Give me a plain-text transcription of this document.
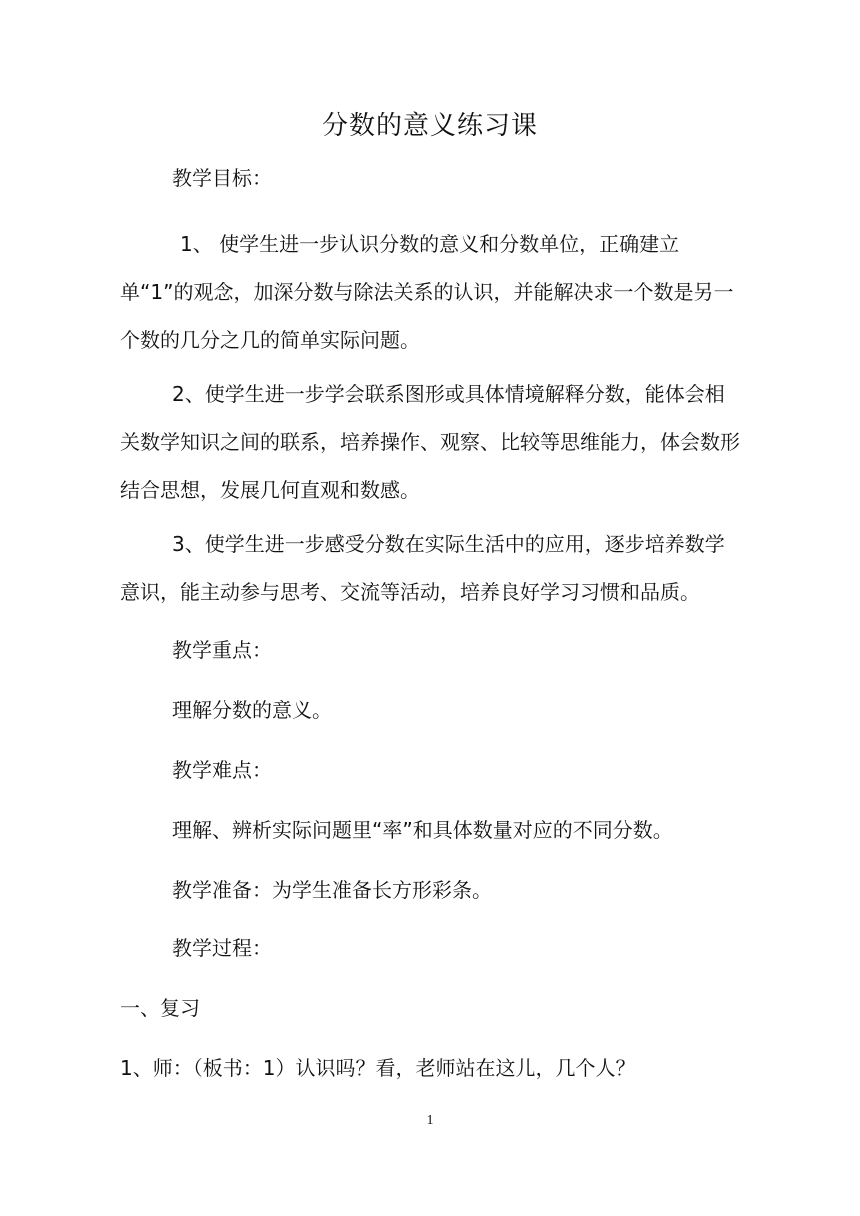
分数的意义练习课

教学目标：

1、 使学生进一步认识分数的意义和分数单位，正确建立单“1”的观念，加深分数与除法关系的认识，并能解决求一个数是另一个数的几分之几的简单实际问题。

2、使学生进一步学会联系图形或具体情境解释分数，能体会相关数学知识之间的联系，培养操作、观察、比较等思维能力，体会数形结合思想，发展几何直观和数感。

3、使学生进一步感受分数在实际生活中的应用，逐步培养数学意识，能主动参与思考、交流等活动，培养良好学习习惯和品质。

教学重点：

理解分数的意义。

教学难点：

理解、辨析实际问题里“率”和具体数量对应的不同分数。

教学准备：为学生准备长方形彩条。

教学过程：

一、复习

1、师：（板书：1）认识吗？看，老师站在这儿，几个人？

1
